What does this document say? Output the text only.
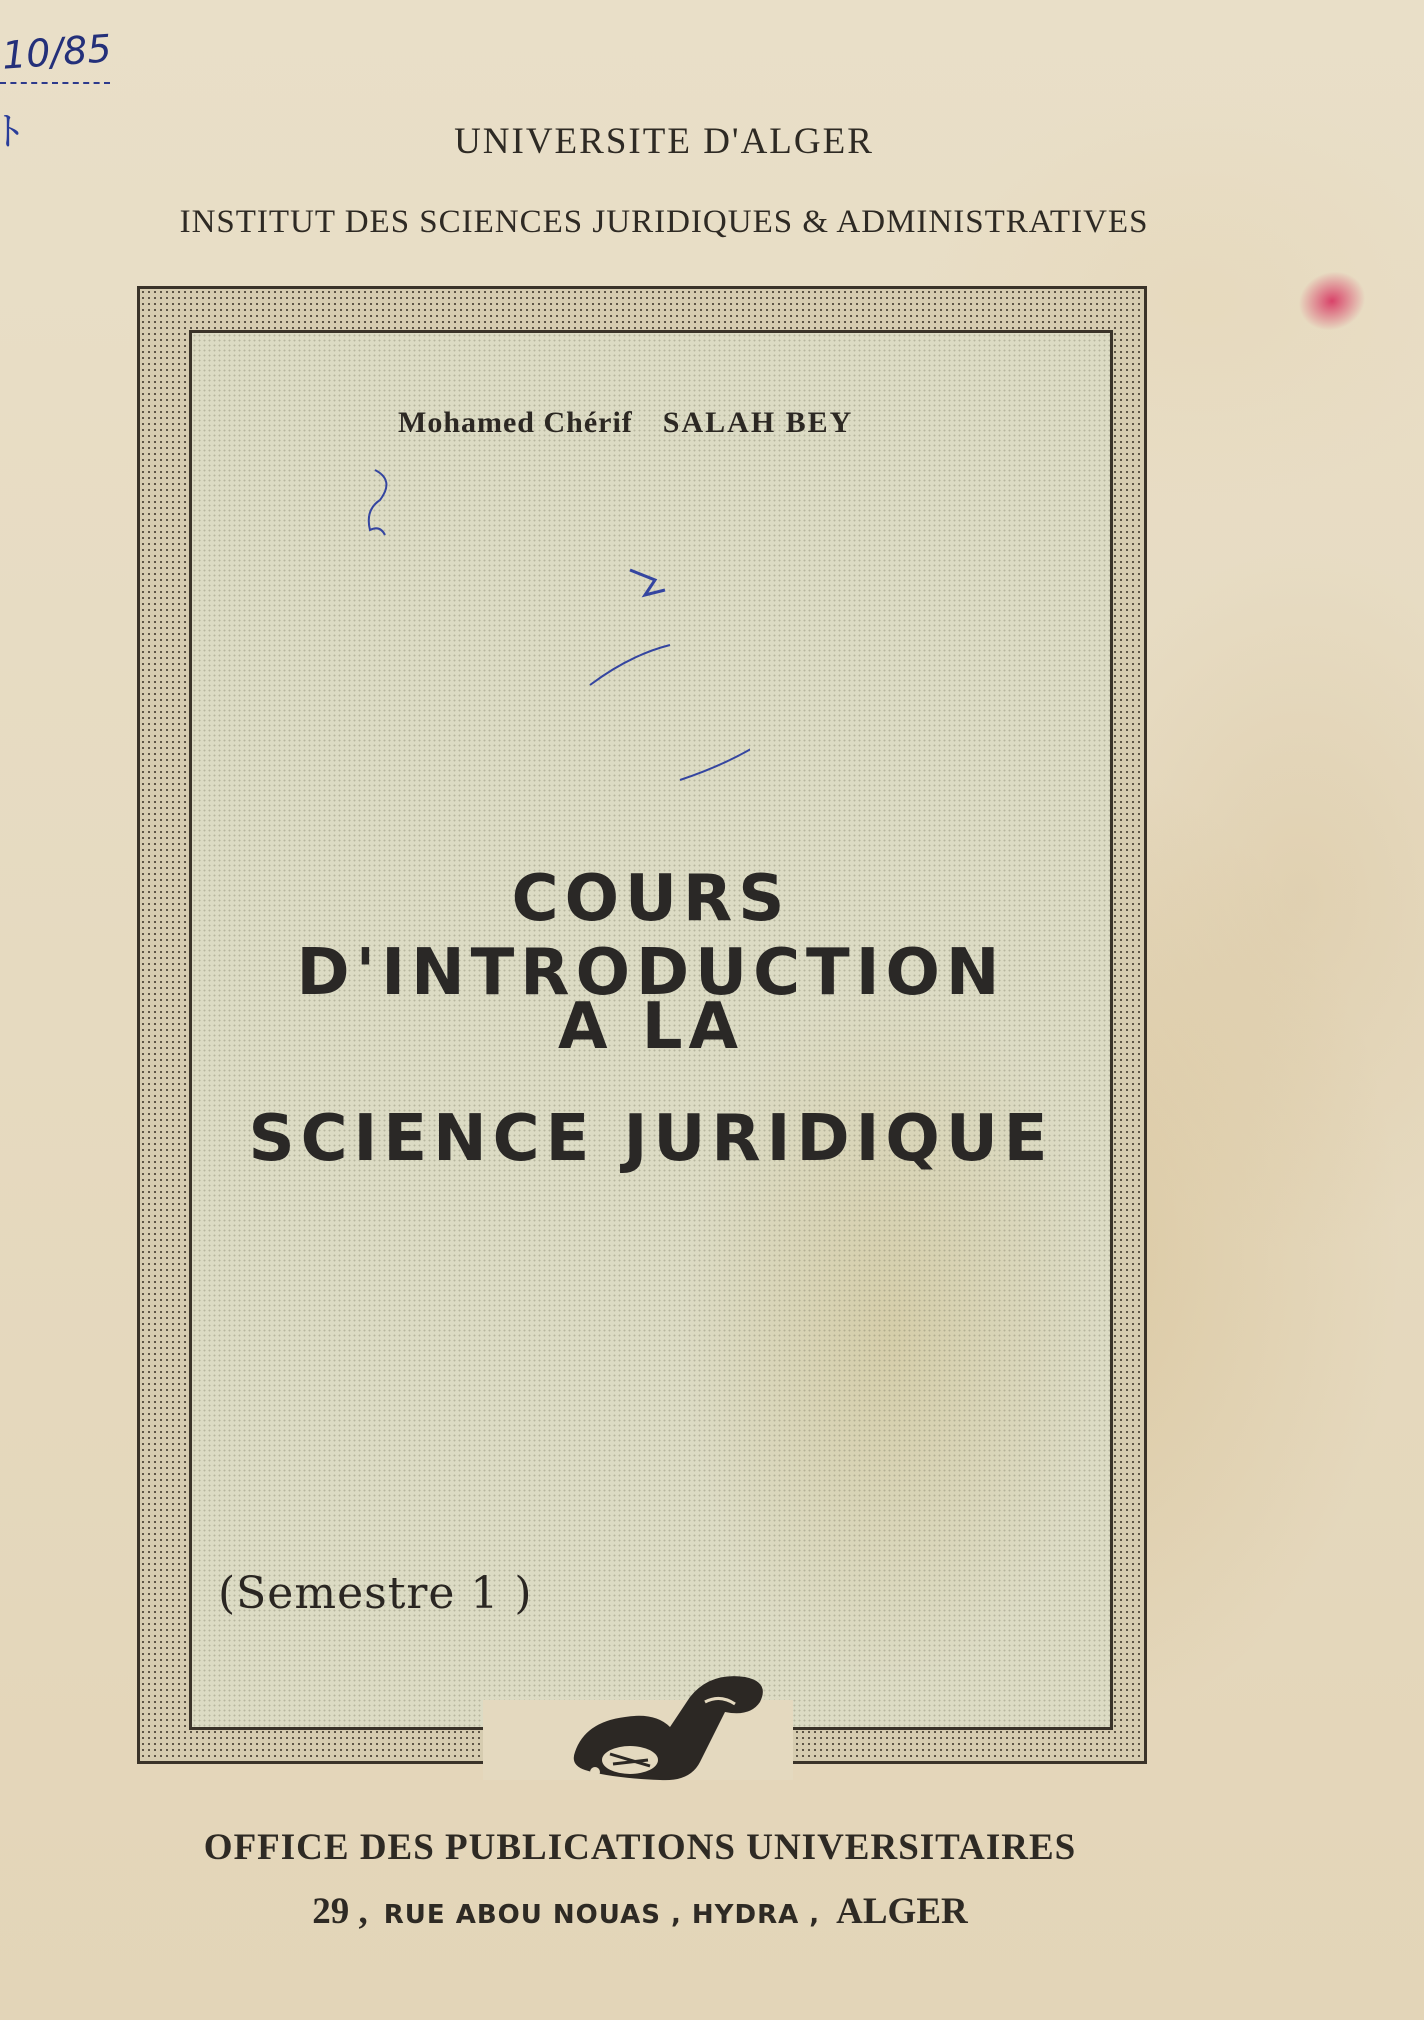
10/85
ﾄ	UNIVERSITE D'ALGER
INSTITUT DES SCIENCES JURIDIQUES & ADMINISTRATIVES
Mohamed Chérif SALAH BEY
COURS D'INTRODUCTION
A LA
SCIENCE JURIDIQUE
(Semestre 1 )
OFFICE DES PUBLICATIONS UNIVERSITAIRES
29 , RUE ABOU NOUAS , HYDRA , ALGER
